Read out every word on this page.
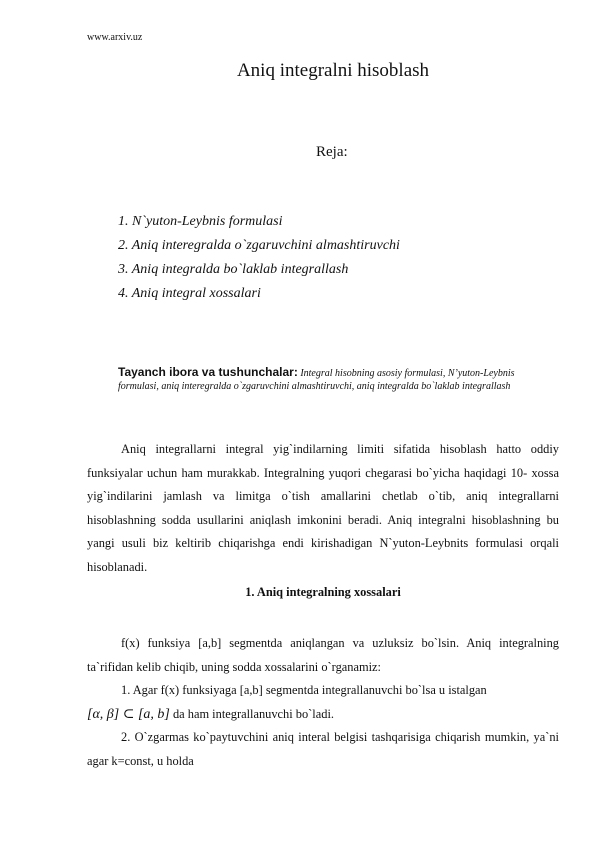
www.arxiv.uz
Aniq integralni hisoblash
Reja:
1. N`yuton-Leybnis formulasi
2. Aniq interegralda o`zgaruvchini almashtiruvchi
3. Aniq integralda bo`laklab integrallash
4. Aniq integral xossalari
Tayanch ibora va tushunchalar: Integral hisobning asosiy formulasi, N’yuton-Leybnis formulasi, aniq interegralda o`zgaruvchini almashtiruvchi, aniq integralda bo`laklab integrallash
Aniq integrallarni integral yig`indilarning limiti sifatida hisoblash hatto oddiy funksiyalar uchun ham murakkab. Integralning yuqori chegarasi bo`yicha haqidagi 10- xossa yig`indilarini jamlash va limitga o`tish amallarini chetlab o`tib, aniq integrallarni hisoblashning sodda usullarini aniqlash imkonini beradi. Aniq integralni hisoblashning bu yangi usuli biz keltirib chiqarishga endi kirishadigan N`yuton-Leybnits formulasi orqali hisoblanadi.
1. Aniq integralning xossalari
f(x) funksiya [a,b] segmentda aniqlangan va uzluksiz bo`lsin. Aniq integralning ta`rifidan kelib chiqib, uning sodda xossalarini o`rganamiz:
1. Agar f(x) funksiyaga [a,b] segmentda integrallanuvchi bo`lsa u istalgan
[α, β] ⊂ [a, b] da ham integrallanuvchi bo`ladi.
2. O`zgarmas ko`paytuvchini aniq interal belgisi tashqarisiga chiqarish mumkin, ya`ni agar k=const, u holda
